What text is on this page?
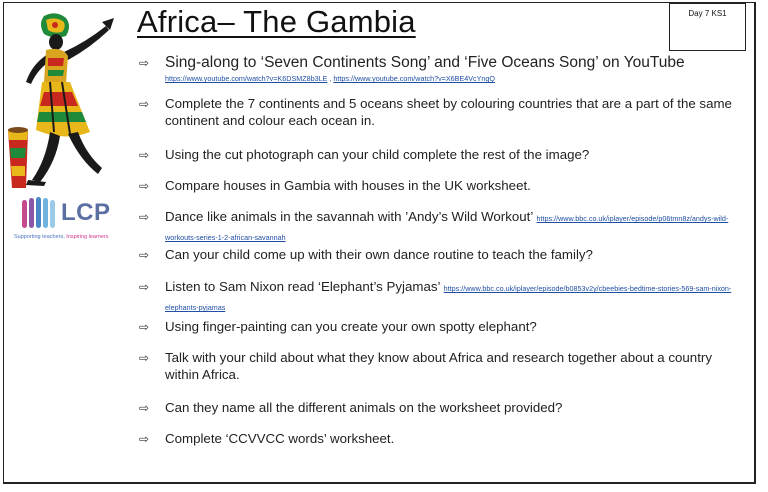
Africa– The Gambia	Day 7 KS1
LCP
Supporting teachers, Inspiring learners
⇨ Sing-along to ‘Seven Continents Song’ and ‘Five Oceans Song’ on YouTube
https://www.youtube.com/watch?v=K6DSMZ8b3LE , https://www.youtube.com/watch?v=X6BE4VcYngQ
⇨ Complete the 7 continents and 5 oceans sheet by colouring countries that are a part of the same continent and colour each ocean in.
⇨ Using the cut photograph can your child complete the rest of the image?
⇨ Compare houses in Gambia with houses in the UK worksheet.
⇨ Dance like animals in the savannah with ’Andy’s Wild Workout’ https://www.bbc.co.uk/iplayer/episode/p06tmn8z/andys-wild-workouts-series-1-2-african-savannah
⇨ Can your child come up with their own dance routine to teach the family?
⇨ Listen to Sam Nixon read ‘Elephant’s Pyjamas’ https://www.bbc.co.uk/iplayer/episode/b0853v2y/cbeebies-bedtime-stories-569-sam-nixon-elephants-pyjamas
⇨ Using finger-painting can you create your own spotty elephant?
⇨ Talk with your child about what they know about Africa and research together about a country within Africa.
⇨ Can they name all the different animals on the worksheet provided?
⇨ Complete ‘CCVVCC words’ worksheet.
